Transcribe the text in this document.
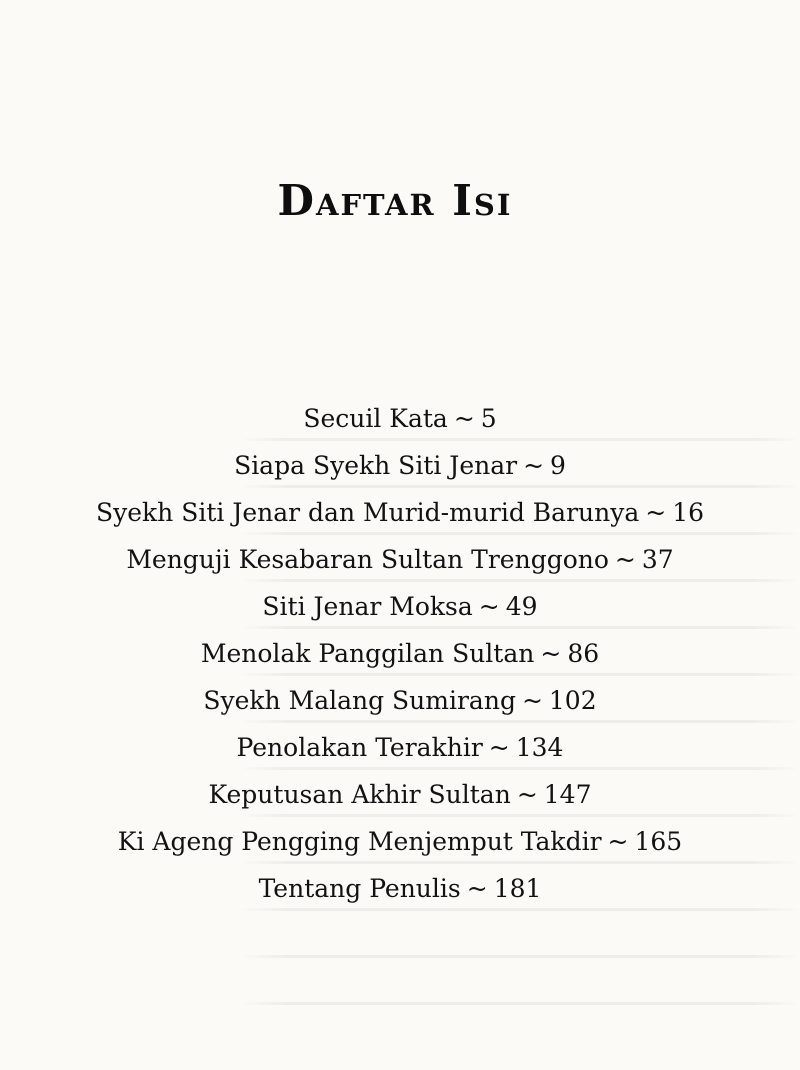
Daftar Isi
Secuil Kata ~ 5
Siapa Syekh Siti Jenar ~ 9
Syekh Siti Jenar dan Murid-murid Barunya ~ 16
Menguji Kesabaran Sultan Trenggono ~ 37
Siti Jenar Moksa ~ 49
Menolak Panggilan Sultan ~ 86
Syekh Malang Sumirang ~ 102
Penolakan Terakhir ~ 134
Keputusan Akhir Sultan ~ 147
Ki Ageng Pengging Menjemput Takdir ~ 165
Tentang Penulis ~ 181
